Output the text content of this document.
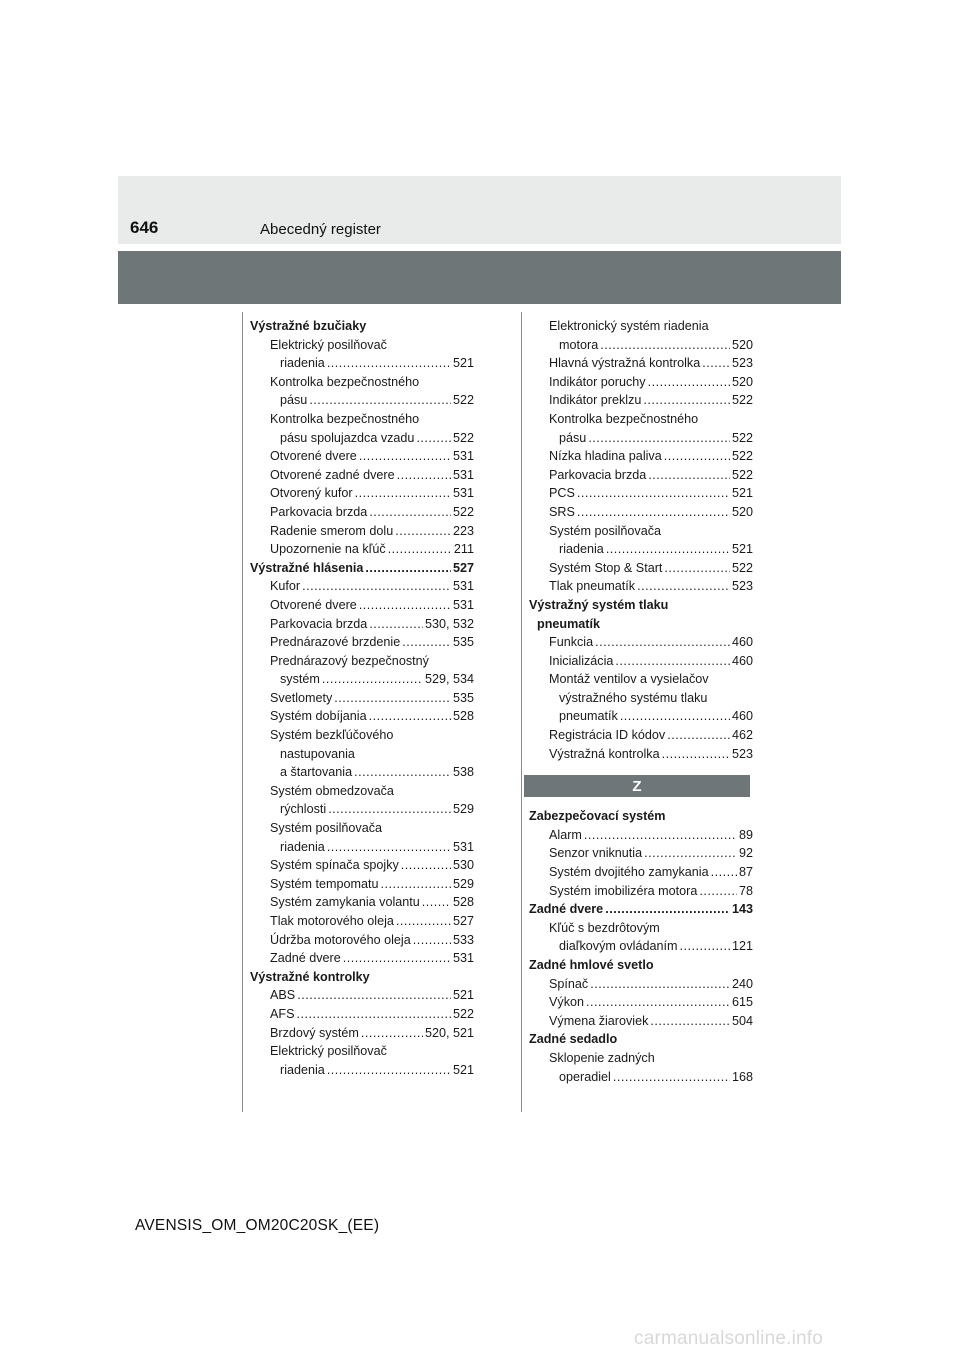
646	Abecedný register
Výstražné bzučiaky
Elektrický posilňovač
riadenia .....	521
Kontrolka bezpečnostného
pásu .....	522
Kontrolka bezpečnostného
pásu spolujazdca vzadu .....	522
Otvorené dvere .....	531
Otvorené zadné dvere .....	531
Otvorený kufor .....	531
Parkovacia brzda .....	522
Radenie smerom dolu .....	223
Upozornenie na kľúč .....	211
Výstražné hlásenia .....	527
Kufor .....	531
Otvorené dvere .....	531
Parkovacia brzda .....	530, 532
Prednárazové brzdenie .....	535
Prednárazový bezpečnostný
systém .....	529, 534
Svetlomety .....	535
Systém dobíjania .....	528
Systém bezkľúčového
nastupovania
a štartovania .....	538
Systém obmedzovača
rýchlosti .....	529
Systém posilňovača
riadenia .....	531
Systém spínača spojky .....	530
Systém tempomatu .....	529
Systém zamykania volantu .....	528
Tlak motorového oleja .....	527
Údržba motorového oleja .....	533
Zadné dvere .....	531
Výstražné kontrolky
ABS .....	521
AFS .....	522
Brzdový systém .....	520, 521
Elektrický posilňovač
riadenia .....	521
Elektronický systém riadenia
motora .....	520
Hlavná výstražná kontrolka .....	523
Indikátor poruchy .....	520
Indikátor preklzu .....	522
Kontrolka bezpečnostného
pásu .....	522
Nízka hladina paliva .....	522
Parkovacia brzda .....	522
PCS .....	521
SRS .....	520
Systém posilňovača
riadenia .....	521
Systém Stop & Start .....	522
Tlak pneumatík .....	523
Výstražný systém tlaku
pneumatík
Funkcia .....	460
Inicializácia .....	460
Montáž ventilov a vysielačov
výstražného systému tlaku
pneumatík .....	460
Registrácia ID kódov .....	462
Výstražná kontrolka .....	523
Z
Zabezpečovací systém
Alarm .....	89
Senzor vniknutia .....	92
Systém dvojitého zamykania ..... 87
Systém imobilizéra motora .....	78
Zadné dvere .....	143
Kľúč s bezdrôtovým
diaľkovým ovládaním .....	121
Zadné hmlové svetlo
Spínač .....	240
Výkon .....	615
Výmena žiaroviek .....	504
Zadné sedadlo
Sklopenie zadných
operadiel .....	168
AVENSIS_OM_OM20C20SK_(EE)
carmanualsonline.info
